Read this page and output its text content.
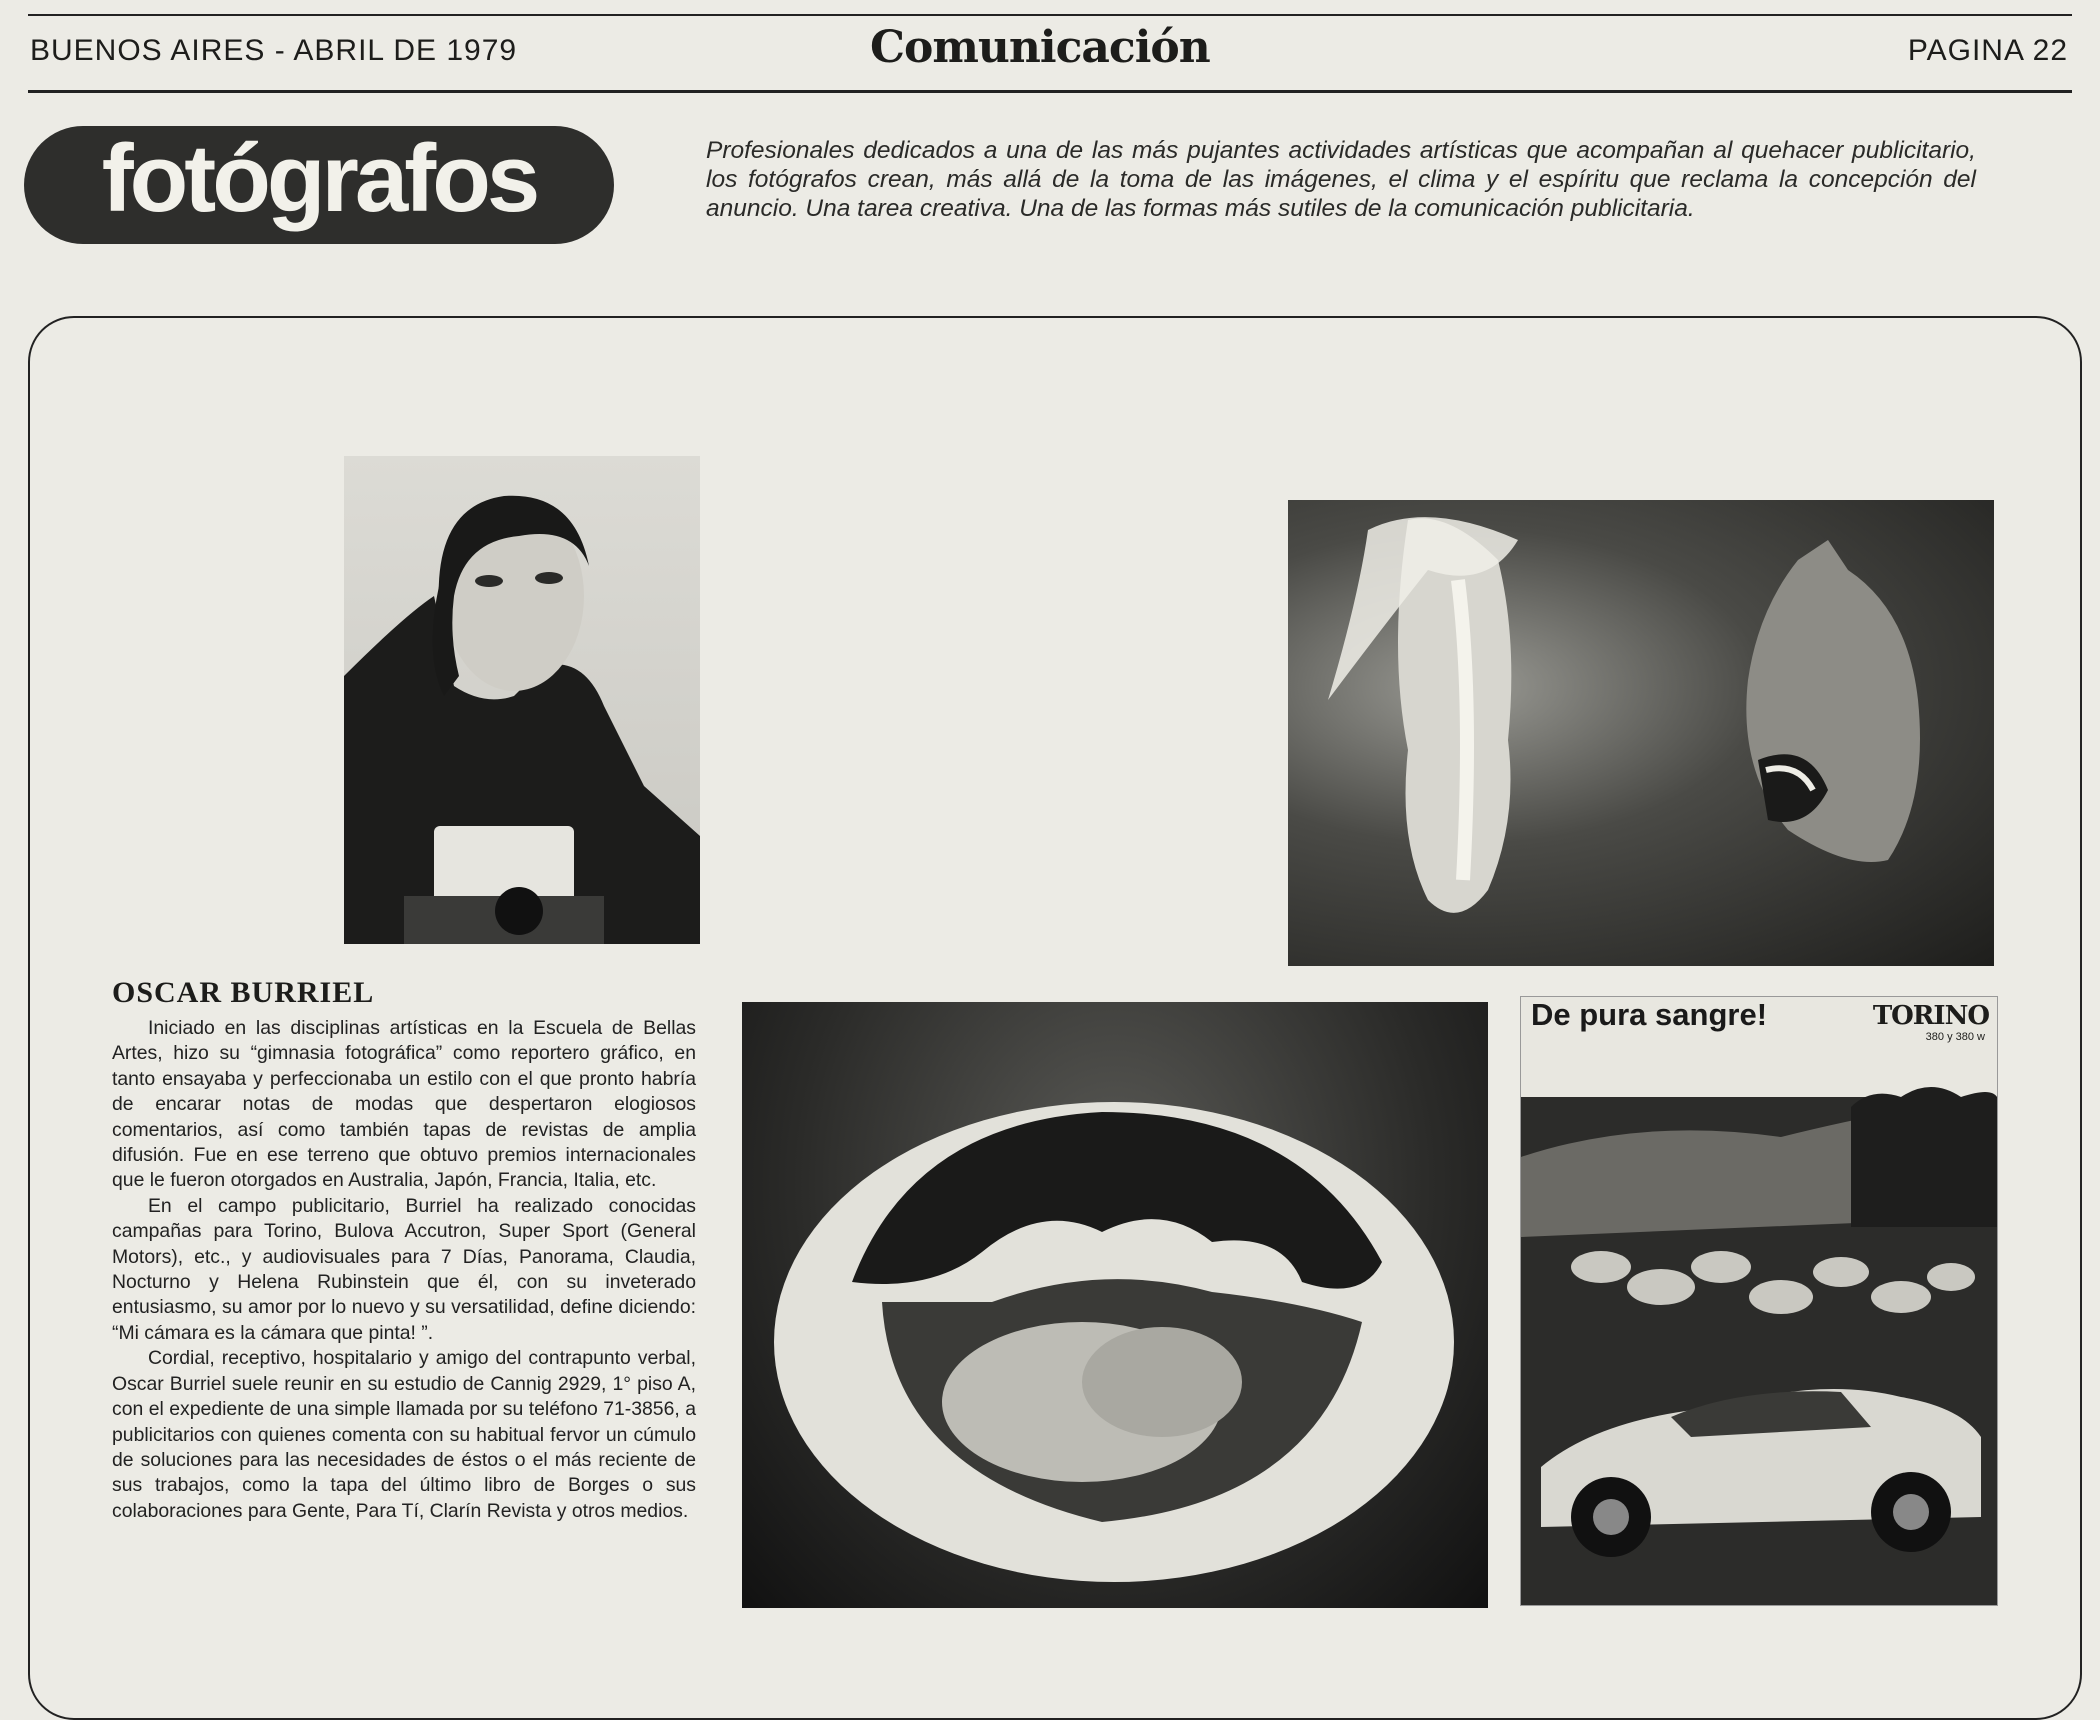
BUENOS AIRES - ABRIL DE 1979	Comunicación	PAGINA 22
fotógrafos	Profesionales dedicados a una de las más pujantes actividades artísticas que acompañan al quehacer publicitario, los fotógrafos crean, más allá de la toma de las imágenes, el clima y el espíritu que reclama la concepción del anuncio. Una tarea creativa. Una de las formas más sutiles de la comunicación publicitaria.
OSCAR BURRIEL

Iniciado en las disciplinas artísticas en la Escuela de Bellas Artes, hizo su “gimnasia fotográfica” como reportero gráfico, en tanto ensayaba y perfeccionaba un estilo con el que pronto habría de encarar notas de modas que despertaron elogiosos comentarios, así como también tapas de revistas de amplia difusión. Fue en ese terreno que obtuvo premios internacionales que le fueron otorgados en Australia, Japón, Francia, Italia, etc.

En el campo publicitario, Burriel ha realizado conocidas campañas para Torino, Bulova Accutron, Super Sport (General Motors), etc., y audiovisuales para 7 Días, Panorama, Claudia, Nocturno y Helena Rubinstein que él, con su inveterado entusiasmo, su amor por lo nuevo y su versatilidad, define diciendo: “Mi cámara es la cámara que pinta! ”.

Cordial, receptivo, hospitalario y amigo del contrapunto verbal, Oscar Burriel suele reunir en su estudio de Cannig 2929, 1° piso A, con el expediente de una simple llamada por su teléfono 71-3856, a publicitarios con quienes comenta con su habitual fervor un cúmulo de soluciones para las necesidades de éstos o el más reciente de sus trabajos, como la tapa del último libro de Borges o sus colaboraciones para Gente, Para Tí, Clarín Revista y otros medios.

De pura sangre!	TORINO
380 y 380 w
